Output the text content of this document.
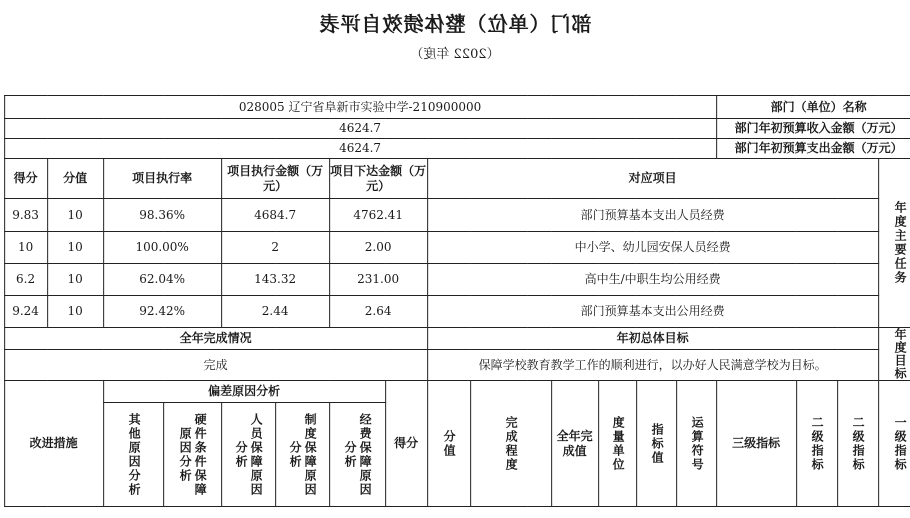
部门（单位）整体绩效自评表
（2022 年度）
部门（单位）名称				028005 辽宁省阜新市实验中学-210900000													
部门年初预算收入金额（万元）				4624.7													
部门年初预算支出金额（万元）				4624.7													

年度主要任务	对应项目									项目下达金额（万元）		项目执行金额（万元）		项目执行率		分值	得分
	部门预算基本支出人员经费									4762.41		4684.7		98.36%		10	9.83
	中小学、幼儿园安保人员经费									2.00		2		100.00%		10	10
	高中生/中职生均公用经费									231.00		143.32		62.04%		10	6.2
	部门预算基本支出公用经费									2.64		2.44		92.42%		10	9.24

年度目标	年初总体目标									全年完成情况							
	保障学校教育教学工作的顺利进行，以办好人民满意学校为目标。									完成							

一级指标	二级指标	二级指标	三级指标	运算符号	指标值	度量单位	全年完成值	完成程度	分值	得分	偏差原因分析					改进措施	

											经费保障原因分析	制度保障原因分析	人员保障原因分析	硬件条件保障原因分析	其他原因分析		
